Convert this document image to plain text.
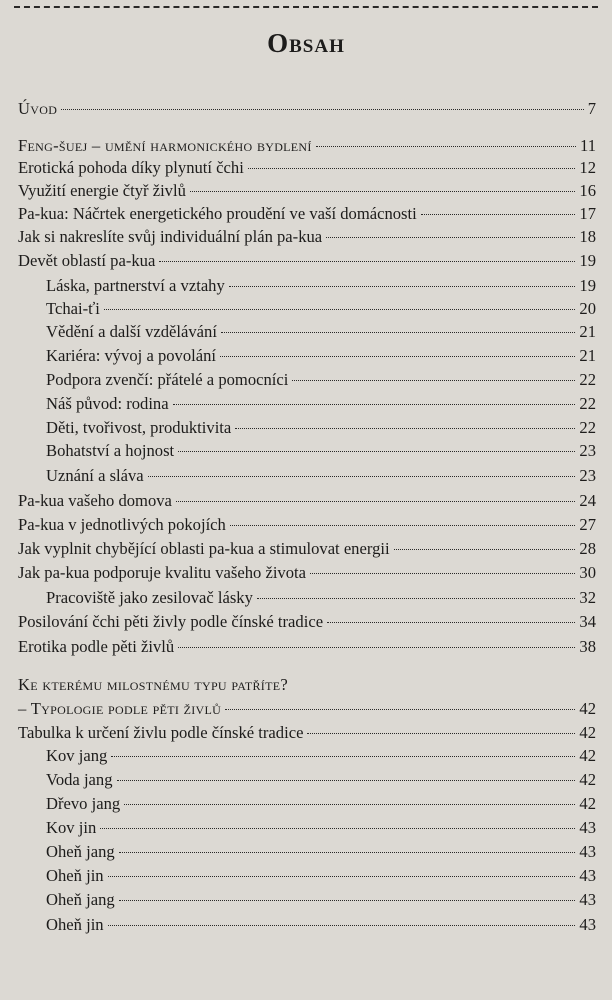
Obsah
Úvod	7
Feng-šuej – umění harmonického bydlení	11
Erotická pohoda díky plynutí čchi	12
Využití energie čtyř živlů	16
Pa-kua: Náčrtek energetického proudění ve vaší domácnosti	17
Jak si nakreslíte svůj individuální plán pa-kua	18
Devět oblastí pa-kua	19
Láska, partnerství a vztahy	19
Tchai-ťi	20
Vědění a další vzdělávání	21
Kariéra: vývoj a povolání	21
Podpora zvenčí: přátelé a pomocníci	22
Náš původ: rodina	22
Děti, tvořivost, produktivita	22
Bohatství a hojnost	23
Uznání a sláva	23
Pa-kua vašeho domova	24
Pa-kua v jednotlivých pokojích	27
Jak vyplnit chybějící oblasti pa-kua a stimulovat energii	28
Jak pa-kua podporuje kvalitu vašeho života	30
Pracoviště jako zesilovač lásky	32
Posilování čchi pěti živly podle čínské tradice	34
Erotika podle pěti živlů	38
Ke kterému milostnému typu patříte?
– Typologie podle pěti živlů	42
Tabulka k určení živlu podle čínské tradice	42
Kov jang	42
Voda jang	42
Dřevo jang	42
Kov jin	43
Oheň jang	43
Oheň jin	43
Oheň jang	43
Oheň jin	43
